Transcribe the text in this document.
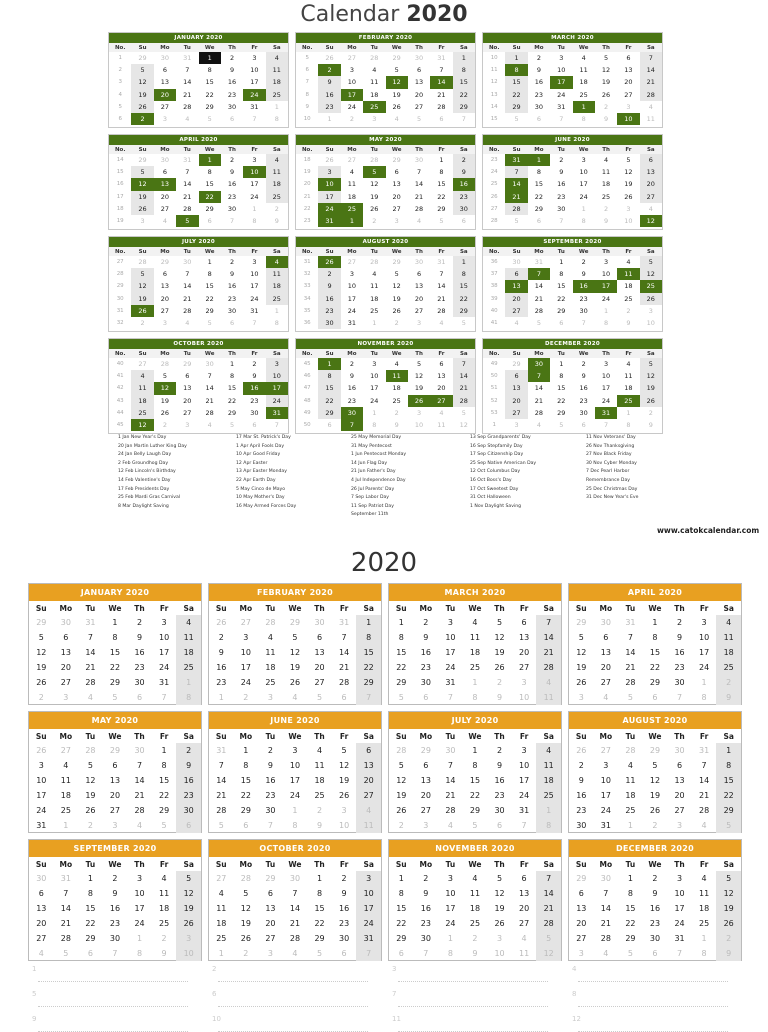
Calendar 2020
JANUARY 2020
No.	Su	Mo	Tu	We	Th	Fr	Sa
1	29	30	31	1	2	3	4
2	5	6	7	8	9	10	11
3	12	13	14	15	16	17	18
4	19	20	21	22	23	24	25
5	26	27	28	29	30	31	1
6	2	3	4	5	6	7	8
FEBRUARY 2020
No.	Su	Mo	Tu	We	Th	Fr	Sa
5	26	27	28	29	30	31	1
6	2	3	4	5	6	7	8
7	9	10	11	12	13	14	15
8	16	17	18	19	20	21	22
9	23	24	25	26	27	28	29
10	1	2	3	4	5	6	7
MARCH 2020
No.	Su	Mo	Tu	We	Th	Fr	Sa
10	1	2	3	4	5	6	7
11	8	9	10	11	12	13	14
12	15	16	17	18	19	20	21
13	22	23	24	25	26	27	28
14	29	30	31	1	2	3	4
15	5	6	7	8	9	10	11
APRIL 2020
No.	Su	Mo	Tu	We	Th	Fr	Sa
14	29	30	31	1	2	3	4
15	5	6	7	8	9	10	11
16	12	13	14	15	16	17	18
17	19	20	21	22	23	24	25
18	26	27	28	29	30	1	2
19	3	4	5	6	7	8	9
MAY 2020
No.	Su	Mo	Tu	We	Th	Fr	Sa
18	26	27	28	29	30	1	2
19	3	4	5	6	7	8	9
20	10	11	12	13	14	15	16
21	17	18	19	20	21	22	23
22	24	25	26	27	28	29	30
23	31	1	2	3	4	5	6
JUNE 2020
No.	Su	Mo	Tu	We	Th	Fr	Sa
23	31	1	2	3	4	5	6
24	7	8	9	10	11	12	13
25	14	15	16	17	18	19	20
26	21	22	23	24	25	26	27
27	28	29	30	1	2	3	4
28	5	6	7	8	9	10	12
JULY 2020
No.	Su	Mo	Tu	We	Th	Fr	Sa
27	28	29	30	1	2	3	4
28	5	6	7	8	9	10	11
29	12	13	14	15	16	17	18
30	19	20	21	22	23	24	25
31	26	27	28	29	30	31	1
32	2	3	4	5	6	7	8
AUGUST 2020
No.	Su	Mo	Tu	We	Th	Fr	Sa
31	26	27	28	29	30	31	1
32	2	3	4	5	6	7	8
33	9	10	11	12	13	14	15
34	16	17	18	19	20	21	22
35	23	24	25	26	27	28	29
36	30	31	1	2	3	4	5
SEPTEMBER 2020
No.	Su	Mo	Tu	We	Th	Fr	Sa
36	30	31	1	2	3	4	5
37	6	7	8	9	10	11	12
38	13	14	15	16	17	18	25
39	20	21	22	23	24	25	26
40	27	28	29	30	1	2	3
41	4	5	6	7	8	9	10
OCTOBER 2020
No.	Su	Mo	Tu	We	Th	Fr	Sa
40	27	28	29	30	1	2	3
41	4	5	6	7	8	9	10
42	11	12	13	14	15	16	17
43	18	19	20	21	22	23	24
44	25	26	27	28	29	30	31
45	12	2	3	4	5	6	7
NOVEMBER 2020
No.	Su	Mo	Tu	We	Th	Fr	Sa
45	1	2	3	4	5	6	7
46	8	9	10	11	12	13	14
47	15	16	17	18	19	20	21
48	22	23	24	25	26	27	28
49	29	30	1	2	3	4	5
50	6	7	8	9	10	11	12
DECEMBER 2020
No.	Su	Mo	Tu	We	Th	Fr	Sa
49	29	30	1	2	3	4	5
50	6	7	8	9	10	11	12
51	13	14	15	16	17	18	19
52	20	21	22	23	24	25	26
53	27	28	29	30	31	1	2
1	3	4	5	6	7	8	9
1 Jan New Year's Day
20 Jan Martin Luther King Day
24 Jan Belly Laugh Day
2 Feb Groundhog Day
12 Feb Lincoln's Birthday
14 Feb Valentine's Day
17 Feb Presidents Day
25 Feb Mardi Gras Carnival
8 Mar Daylight Saving
17 Mar St. Patrick's Day
1 Apr April Fools Day
10 Apr Good Friday
12 Apr Easter
13 Apr Easter Monday
22 Apr Earth Day
5 May Cinco de Mayo
10 May Mother's Day
16 May Armed Forces Day
25 May Memorial Day
31 May Pentecost
1 Jun Pentecost Monday
14 Jun Flag Day
21 Jun Father's Day
4 Jul Independence Day
26 Jul Parents' Day
7 Sep Labor Day
11 Sep Patriot Day
September 11th
13 Sep Grandparents' Day
16 Sep Stepfamily Day
17 Sep Citizenship Day
25 Sep Native American Day
12 Oct Columbus Day
16 Oct Boss's Day
17 Oct Sweetest Day
31 Oct Halloween
1 Nov Daylight Saving
11 Nov Veterans' Day
26 Nov Thanksgiving
27 Nov Black Friday
30 Nov Cyber Monday
7 Dec Pearl Harbor
Remembrance Day
25 Dec Christmas Day
31 Dec New Year's Eve
www.catokcalendar.com
2020
JANUARY 2020
Su	Mo	Tu	We	Th	Fr	Sa
29	30	31	1	2	3	4
5	6	7	8	9	10	11
12	13	14	15	16	17	18
19	20	21	22	23	24	25
26	27	28	29	30	31	1
2	3	4	5	6	7	8
FEBRUARY 2020
Su	Mo	Tu	We	Th	Fr	Sa
26	27	28	29	30	31	1
2	3	4	5	6	7	8
9	10	11	12	13	14	15
16	17	18	19	20	21	22
23	24	25	26	27	28	29
1	2	3	4	5	6	7
MARCH 2020
Su	Mo	Tu	We	Th	Fr	Sa
1	2	3	4	5	6	7
8	9	10	11	12	13	14
15	16	17	18	19	20	21
22	23	24	25	26	27	28
29	30	31	1	2	3	4
5	6	7	8	9	10	11
APRIL 2020
Su	Mo	Tu	We	Th	Fr	Sa
29	30	31	1	2	3	4
5	6	7	8	9	10	11
12	13	14	15	16	17	18
19	20	21	22	23	24	25
26	27	28	29	30	1	2
3	4	5	6	7	8	9
MAY 2020
Su	Mo	Tu	We	Th	Fr	Sa
26	27	28	29	30	1	2
3	4	5	6	7	8	9
10	11	12	13	14	15	16
17	18	19	20	21	22	23
24	25	26	27	28	29	30
31	1	2	3	4	5	6
JUNE 2020
Su	Mo	Tu	We	Th	Fr	Sa
31	1	2	3	4	5	6
7	8	9	10	11	12	13
14	15	16	17	18	19	20
21	22	23	24	25	26	27
28	29	30	1	2	3	4
5	6	7	8	9	10	11
JULY 2020
Su	Mo	Tu	We	Th	Fr	Sa
28	29	30	1	2	3	4
5	6	7	8	9	10	11
12	13	14	15	16	17	18
19	20	21	22	23	24	25
26	27	28	29	30	31	1
2	3	4	5	6	7	8
AUGUST 2020
Su	Mo	Tu	We	Th	Fr	Sa
26	27	28	29	30	31	1
2	3	4	5	6	7	8
9	10	11	12	13	14	15
16	17	18	19	20	21	22
23	24	25	26	27	28	29
30	31	1	2	3	4	5
SEPTEMBER 2020
Su	Mo	Tu	We	Th	Fr	Sa
30	31	1	2	3	4	5
6	7	8	9	10	11	12
13	14	15	16	17	18	19
20	21	22	23	24	25	26
27	28	29	30	1	2	3
4	5	6	7	8	9	10
OCTOBER 2020
Su	Mo	Tu	We	Th	Fr	Sa
27	28	29	30	1	2	3
4	5	6	7	8	9	10
11	12	13	14	15	16	17
18	19	20	21	22	23	24
25	26	27	28	29	30	31
1	2	3	4	5	6	7
NOVEMBER 2020
Su	Mo	Tu	We	Th	Fr	Sa
1	2	3	4	5	6	7
8	9	10	11	12	13	14
15	16	17	18	19	20	21
22	23	24	25	26	27	28
29	30	1	2	3	4	5
6	7	8	9	10	11	12
DECEMBER 2020
Su	Mo	Tu	We	Th	Fr	Sa
29	30	1	2	3	4	5
6	7	8	9	10	11	12
13	14	15	16	17	18	19
20	21	22	23	24	25	26
27	28	29	30	31	1	2
3	4	5	6	7	8	9
1	2	3	4
5	6	7	8
9	10	11	12
